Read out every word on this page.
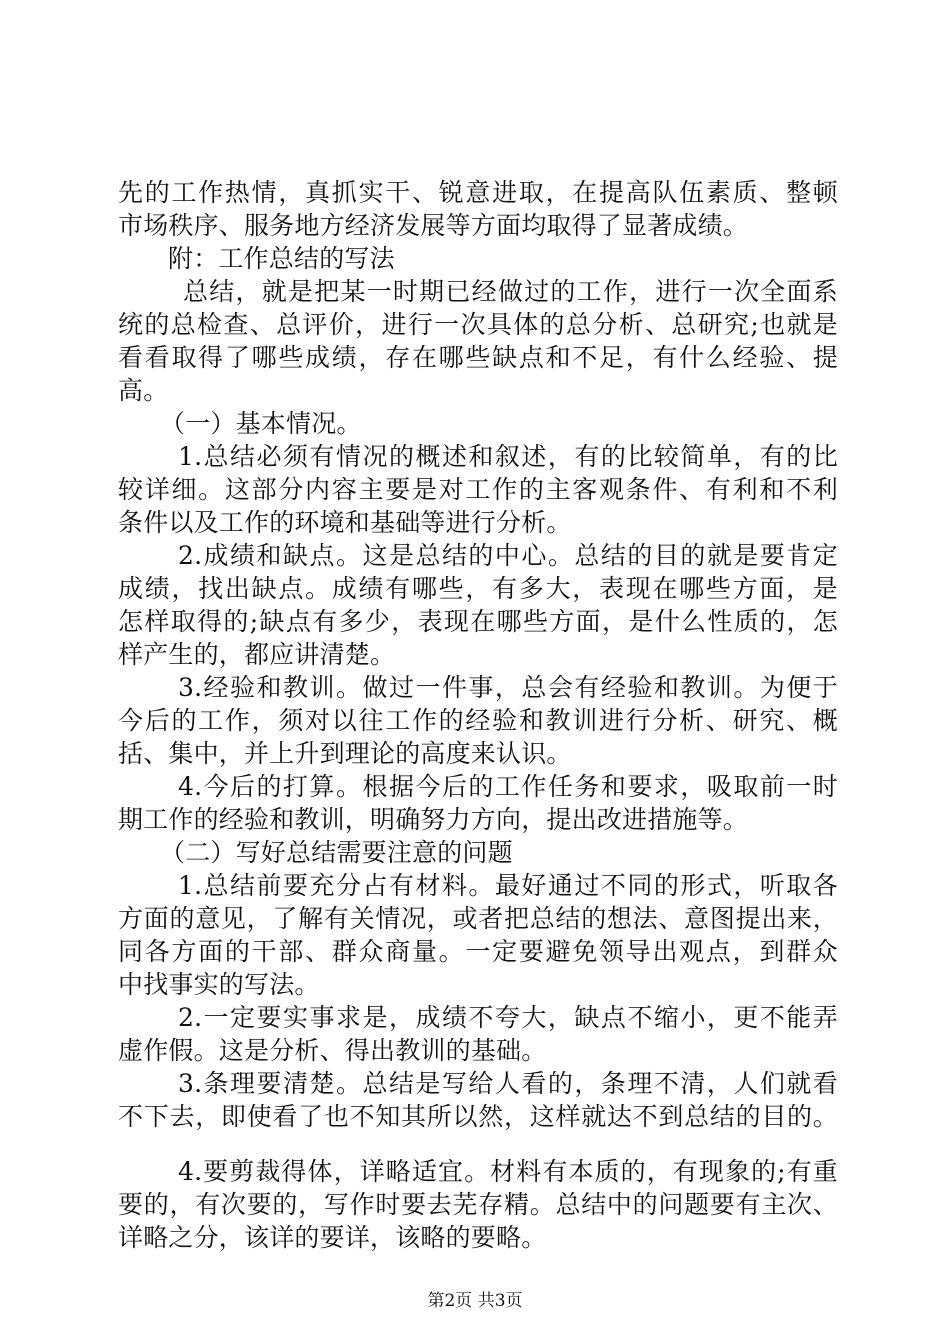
先的工作热情，真抓实干、锐意进取，在提高队伍素质、整顿
市场秩序、服务地方经济发展等方面均取得了显著成绩。
附：工作总结的写法
总结，就是把某一时期已经做过的工作，进行一次全面系
统的总检查、总评价，进行一次具体的总分析、总研究;也就是
看看取得了哪些成绩，存在哪些缺点和不足，有什么经验、提
高。
（一）基本情况。
1.总结必须有情况的概述和叙述，有的比较简单，有的比
较详细。这部分内容主要是对工作的主客观条件、有利和不利
条件以及工作的环境和基础等进行分析。
2.成绩和缺点。这是总结的中心。总结的目的就是要肯定
成绩，找出缺点。成绩有哪些，有多大，表现在哪些方面，是
怎样取得的;缺点有多少，表现在哪些方面，是什么性质的，怎
样产生的，都应讲清楚。
3.经验和教训。做过一件事，总会有经验和教训。为便于
今后的工作，须对以往工作的经验和教训进行分析、研究、概
括、集中，并上升到理论的高度来认识。
4.今后的打算。根据今后的工作任务和要求，吸取前一时
期工作的经验和教训，明确努力方向，提出改进措施等。
（二）写好总结需要注意的问题
1.总结前要充分占有材料。最好通过不同的形式，听取各
方面的意见，了解有关情况，或者把总结的想法、意图提出来，
同各方面的干部、群众商量。一定要避免领导出观点，到群众
中找事实的写法。
2.一定要实事求是，成绩不夸大，缺点不缩小，更不能弄
虚作假。这是分析、得出教训的基础。
3.条理要清楚。总结是写给人看的，条理不清，人们就看
不下去，即使看了也不知其所以然，这样就达不到总结的目的。
4.要剪裁得体，详略适宜。材料有本质的，有现象的;有重
要的，有次要的，写作时要去芜存精。总结中的问题要有主次、
详略之分，该详的要详，该略的要略。
第2页 共3页
